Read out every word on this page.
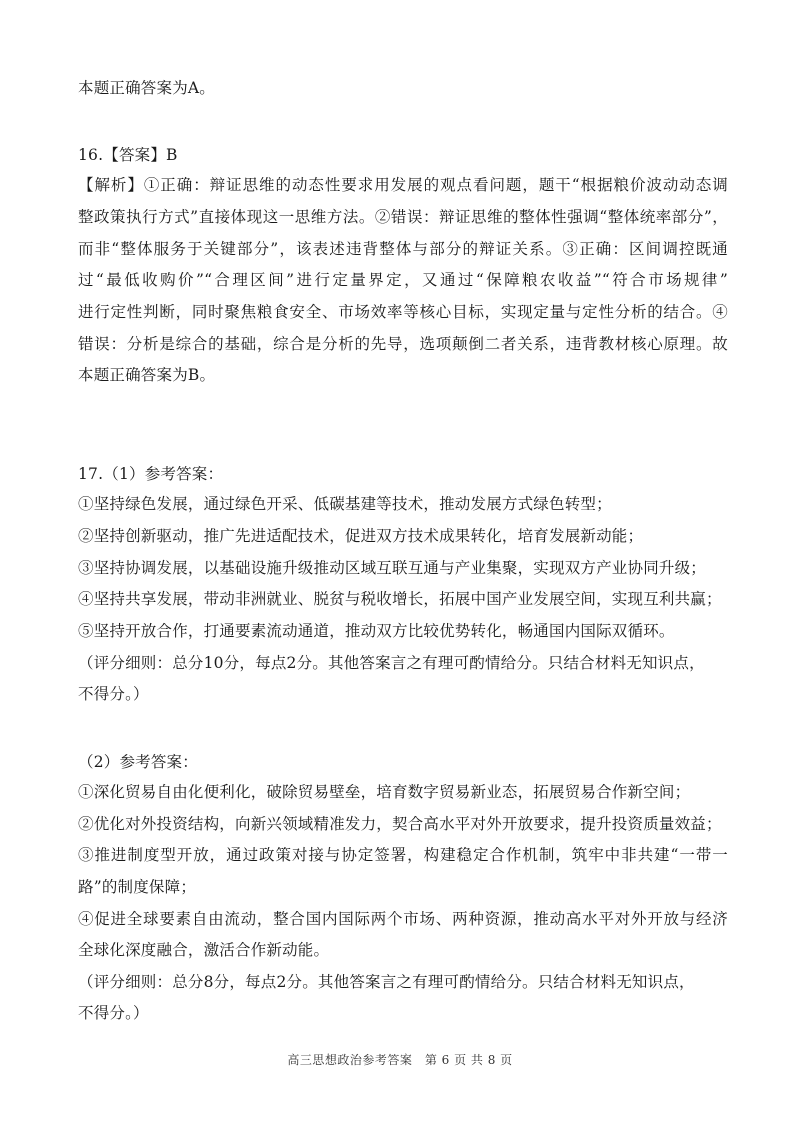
本题正确答案为A。
16.【答案】B
【解析】①正确：辩证思维的动态性要求用发展的观点看问题，题干“根据粮价波动动态调
整政策执行方式”直接体现这一思维方法。②错误：辩证思维的整体性强调“整体统率部分”，
而非“整体服务于关键部分”，该表述违背整体与部分的辩证关系。③正确：区间调控既通
过“最低收购价”“合理区间”进行定量界定，又通过“保障粮农收益”“符合市场规律”
进行定性判断，同时聚焦粮食安全、市场效率等核心目标，实现定量与定性分析的结合。④
错误：分析是综合的基础，综合是分析的先导，选项颠倒二者关系，违背教材核心原理。故
本题正确答案为B。
17.（1）参考答案：
①坚持绿色发展，通过绿色开采、低碳基建等技术，推动发展方式绿色转型；
②坚持创新驱动，推广先进适配技术，促进双方技术成果转化，培育发展新动能；
③坚持协调发展，以基础设施升级推动区域互联互通与产业集聚，实现双方产业协同升级；
④坚持共享发展，带动非洲就业、脱贫与税收增长，拓展中国产业发展空间，实现互利共赢；
⑤坚持开放合作，打通要素流动通道，推动双方比较优势转化，畅通国内国际双循环。
（评分细则：总分10分，每点2分。其他答案言之有理可酌情给分。只结合材料无知识点，
不得分。）
（2）参考答案：
①深化贸易自由化便利化，破除贸易壁垒，培育数字贸易新业态，拓展贸易合作新空间；
②优化对外投资结构，向新兴领域精准发力，契合高水平对外开放要求，提升投资质量效益；
③推进制度型开放，通过政策对接与协定签署，构建稳定合作机制，筑牢中非共建“一带一
路”的制度保障；
④促进全球要素自由流动，整合国内国际两个市场、两种资源，推动高水平对外开放与经济
全球化深度融合，激活合作新动能。
（评分细则：总分8分，每点2分。其他答案言之有理可酌情给分。只结合材料无知识点，
不得分。）
高三思想政治参考答案　第 6 页 共 8 页
